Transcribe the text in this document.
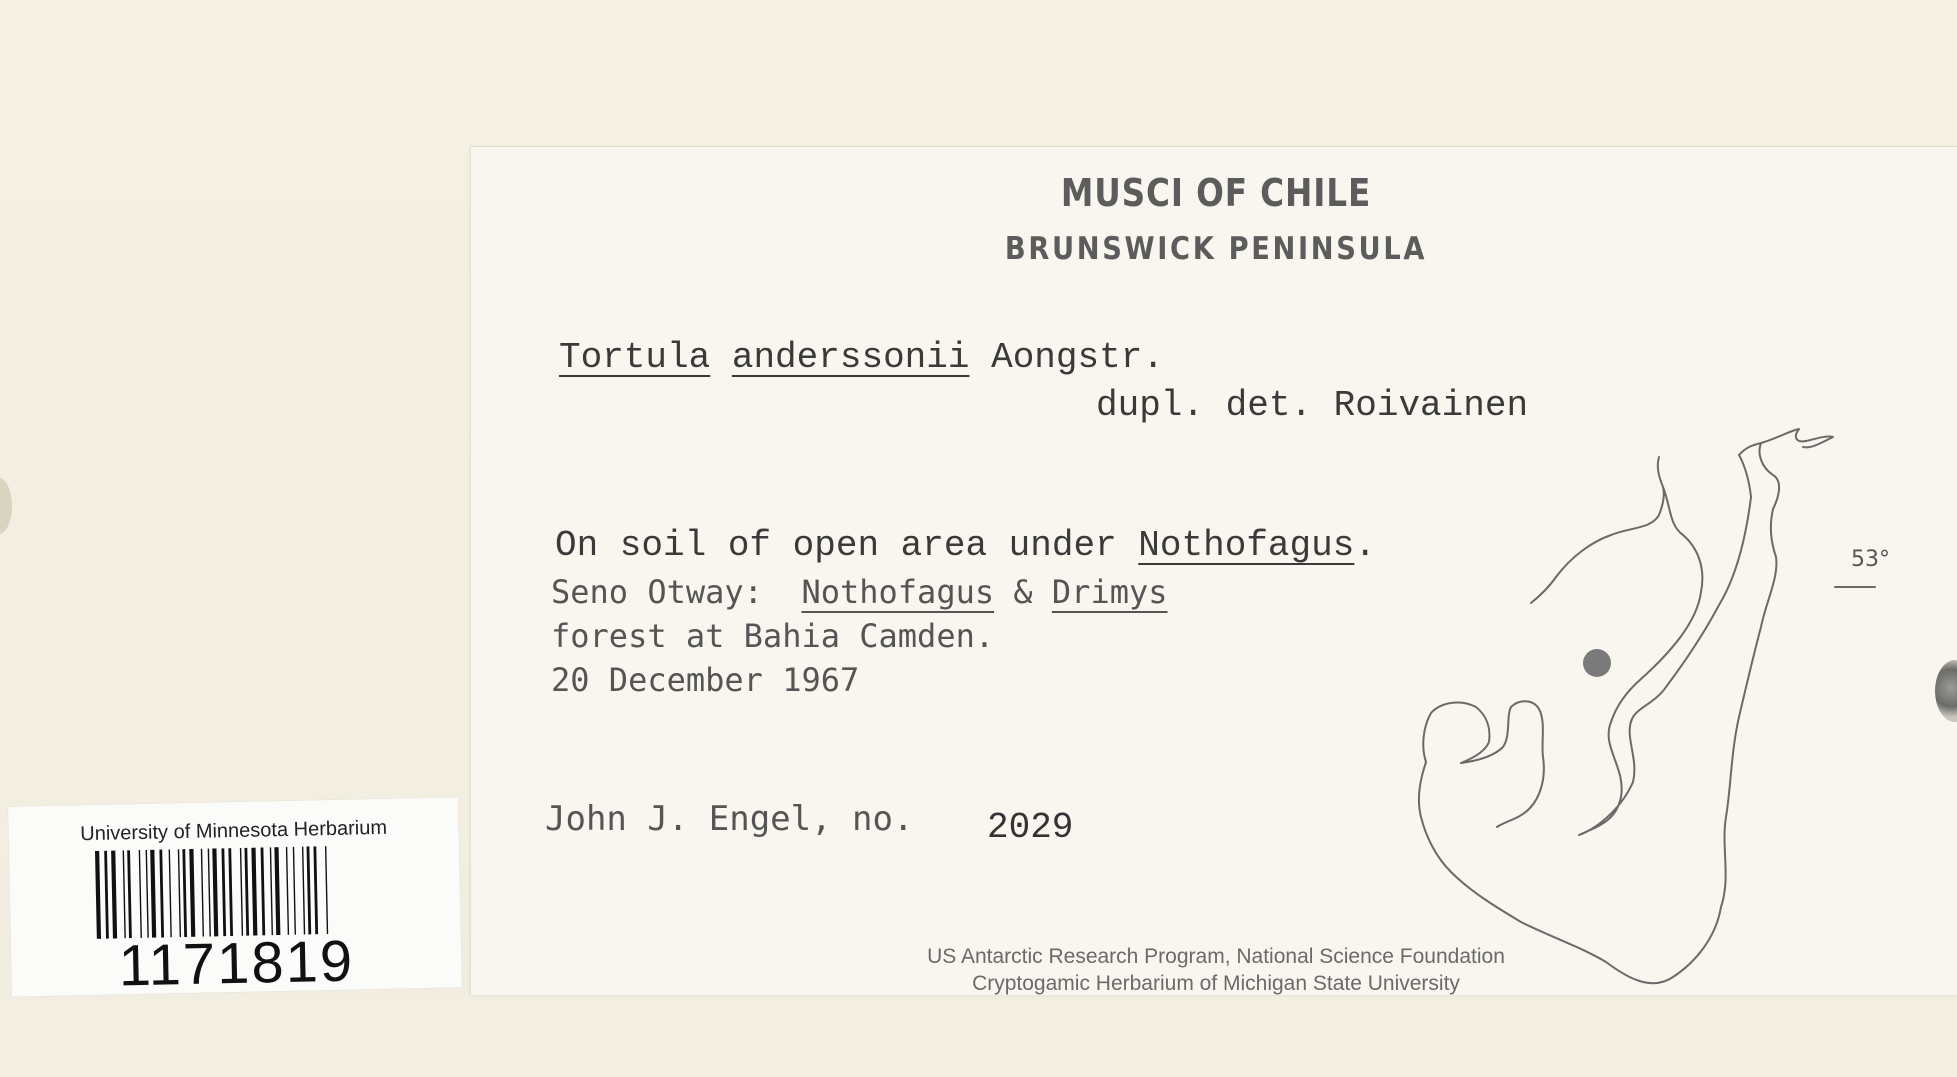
MUSCI OF CHILE
BRUNSWICK PENINSULA
Tortula anderssonii Aongstr.
dupl. det. Roivainen
On soil of open area under Nothofagus.
Seno Otway:  Nothofagus & Drimys
forest at Bahia Camden.
20 December 1967
John J. Engel, no. 2029
53°
US Antarctic Research Program, National Science Foundation
Cryptogamic Herbarium of Michigan State University
University of Minnesota Herbarium
1171819
